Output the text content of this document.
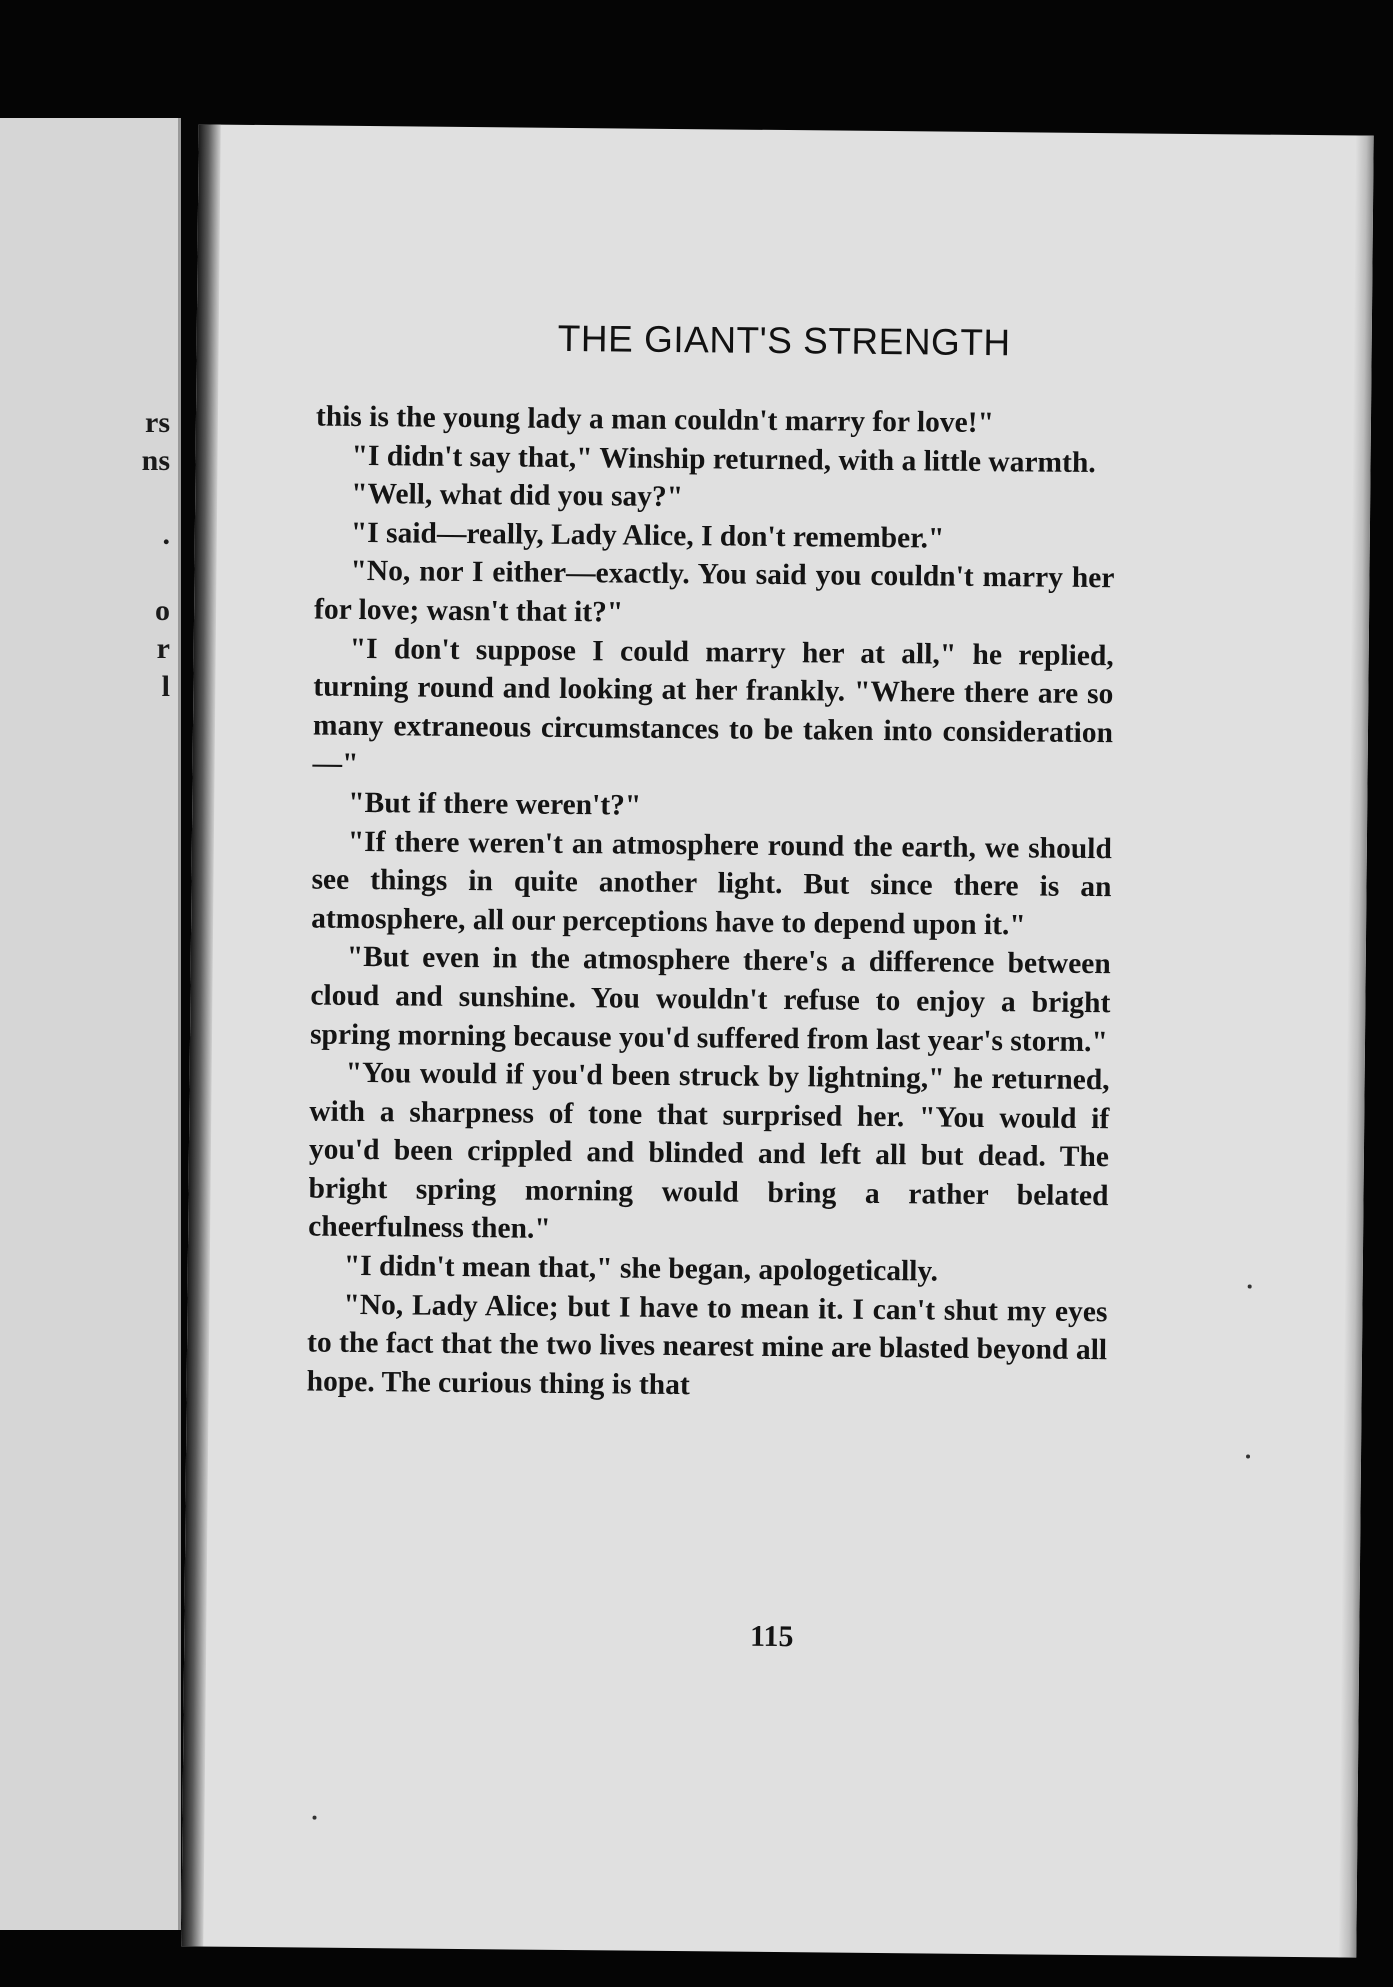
rs
ns
.
o
r
l
THE GIANT'S STRENGTH

this is the young lady a man couldn't marry for love!"

"I didn't say that," Winship returned, with a little warmth.

"Well, what did you say?"

"I said—really, Lady Alice, I don't remember."

"No, nor I either—exactly. You said you couldn't marry her for love; wasn't that it?"

"I don't suppose I could marry her at all," he replied, turning round and looking at her frankly. "Where there are so many extraneous circumstances to be taken into consideration—"

"But if there weren't?"

"If there weren't an atmosphere round the earth, we should see things in quite another light. But since there is an atmosphere, all our perceptions have to depend upon it."

"But even in the atmosphere there's a difference between cloud and sunshine. You wouldn't refuse to enjoy a bright spring morning because you'd suffered from last year's storm."

"You would if you'd been struck by lightning," he returned, with a sharpness of tone that surprised her. "You would if you'd been crippled and blinded and left all but dead. The bright spring morning would bring a rather belated cheerfulness then."

"I didn't mean that," she began, apologetically.

"No, Lady Alice; but I have to mean it. I can't shut my eyes to the fact that the two lives nearest mine are blasted beyond all hope. The curious thing is that

115
